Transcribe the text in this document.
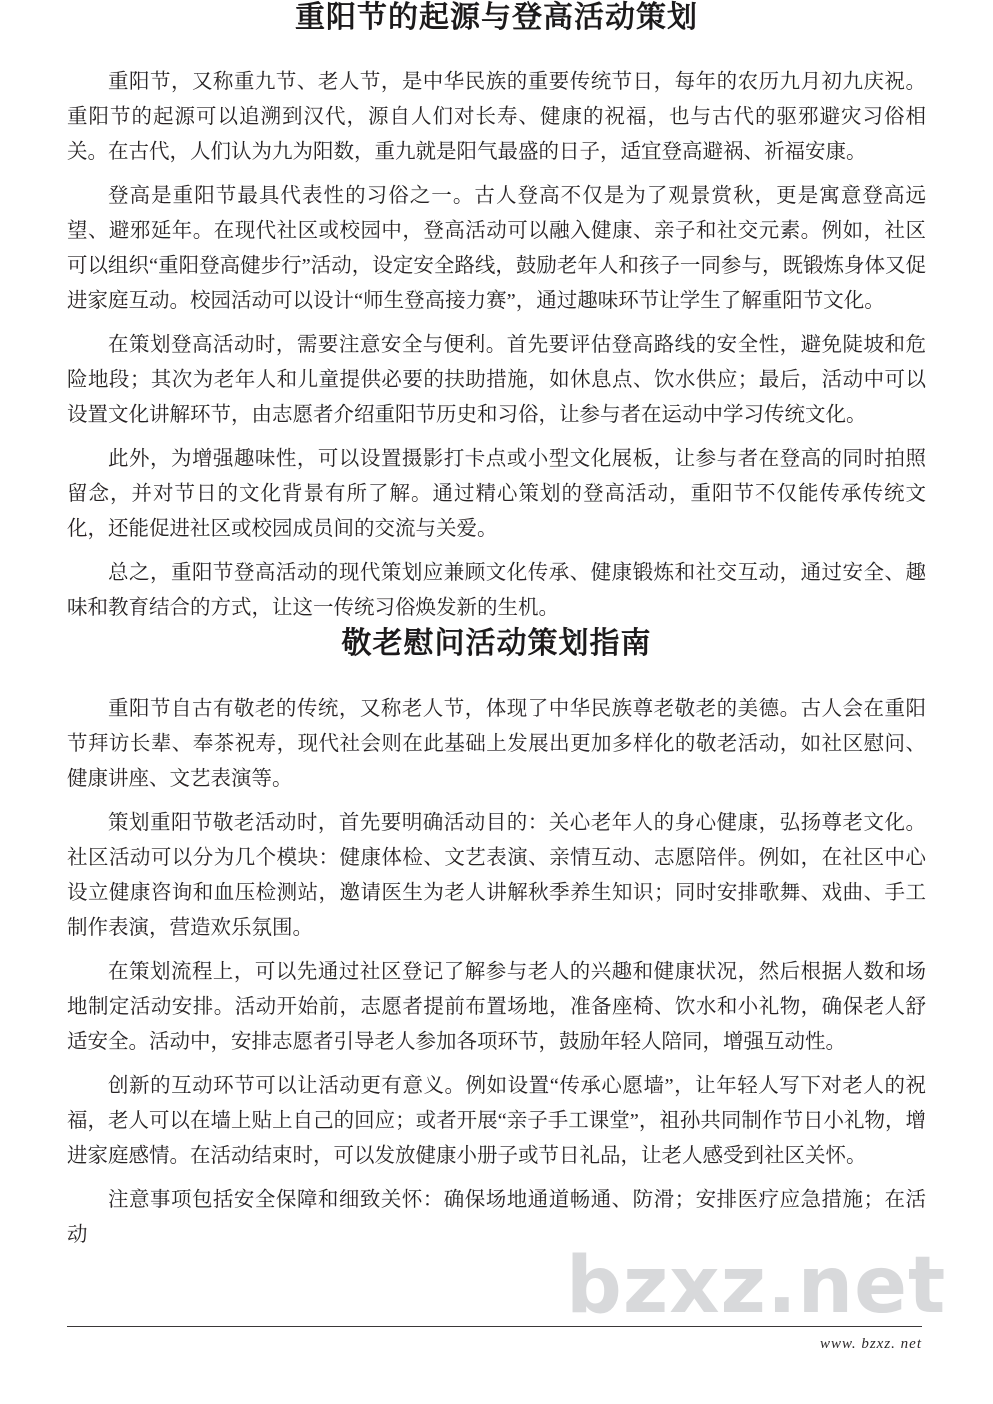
bzxz.net
重阳节的起源与登高活动策划

重阳节，又称重九节、老人节，是中华民族的重要传统节日，每年的农历九月初九庆祝。重阳节的起源可以追溯到汉代，源自人们对长寿、健康的祝福，也与古代的驱邪避灾习俗相关。在古代，人们认为九为阳数，重九就是阳气最盛的日子，适宜登高避祸、祈福安康。

登高是重阳节最具代表性的习俗之一。古人登高不仅是为了观景赏秋，更是寓意登高远望、避邪延年。在现代社区或校园中，登高活动可以融入健康、亲子和社交元素。例如，社区可以组织“重阳登高健步行”活动，设定安全路线，鼓励老年人和孩子一同参与，既锻炼身体又促进家庭互动。校园活动可以设计“师生登高接力赛”，通过趣味环节让学生了解重阳节文化。

在策划登高活动时，需要注意安全与便利。首先要评估登高路线的安全性，避免陡坡和危险地段；其次为老年人和儿童提供必要的扶助措施，如休息点、饮水供应；最后，活动中可以设置文化讲解环节，由志愿者介绍重阳节历史和习俗，让参与者在运动中学习传统文化。

此外，为增强趣味性，可以设置摄影打卡点或小型文化展板，让参与者在登高的同时拍照留念，并对节日的文化背景有所了解。通过精心策划的登高活动，重阳节不仅能传承传统文化，还能促进社区或校园成员间的交流与关爱。

总之，重阳节登高活动的现代策划应兼顾文化传承、健康锻炼和社交互动，通过安全、趣味和教育结合的方式，让这一传统习俗焕发新的生机。

敬老慰问活动策划指南

重阳节自古有敬老的传统，又称老人节，体现了中华民族尊老敬老的美德。古人会在重阳节拜访长辈、奉茶祝寿，现代社会则在此基础上发展出更加多样化的敬老活动，如社区慰问、健康讲座、文艺表演等。

策划重阳节敬老活动时，首先要明确活动目的：关心老年人的身心健康，弘扬尊老文化。社区活动可以分为几个模块：健康体检、文艺表演、亲情互动、志愿陪伴。例如，在社区中心设立健康咨询和血压检测站，邀请医生为老人讲解秋季养生知识；同时安排歌舞、戏曲、手工制作表演，营造欢乐氛围。

在策划流程上，可以先通过社区登记了解参与老人的兴趣和健康状况，然后根据人数和场地制定活动安排。活动开始前，志愿者提前布置场地，准备座椅、饮水和小礼物，确保老人舒适安全。活动中，安排志愿者引导老人参加各项环节，鼓励年轻人陪同，增强互动性。

创新的互动环节可以让活动更有意义。例如设置“传承心愿墙”，让年轻人写下对老人的祝福，老人可以在墙上贴上自己的回应；或者开展“亲子手工课堂”，祖孙共同制作节日小礼物，增进家庭感情。在活动结束时，可以发放健康小册子或节日礼品，让老人感受到社区关怀。

注意事项包括安全保障和细致关怀：确保场地通道畅通、防滑；安排医疗应急措施；在活动

www. bzxz. net
